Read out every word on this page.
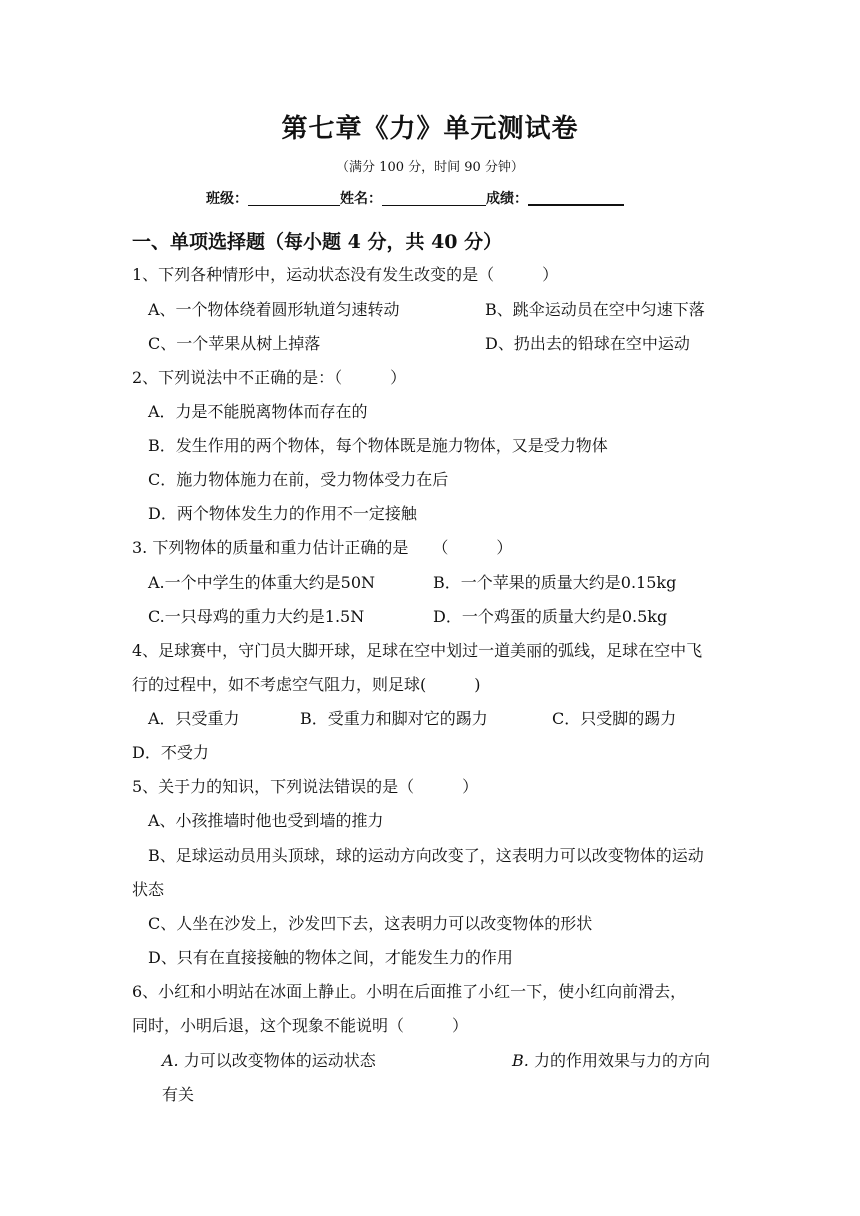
第七章《力》单元测试卷
（满分 100 分，时间 90 分钟）
班级：	姓名：	成绩：
一、单项选择题（每小题 4 分，共 40 分）
1、下列各种情形中，运动状态没有发生改变的是（　　　）
A、一个物体绕着圆形轨道匀速转动	B、跳伞运动员在空中匀速下落
C、一个苹果从树上掉落	D、扔出去的铅球在空中运动
2、下列说法中不正确的是：（　　　）
A．力是不能脱离物体而存在的
B．发生作用的两个物体，每个物体既是施力物体，又是受力物体
C．施力物体施力在前，受力物体受力在后
D．两个物体发生力的作用不一定接触
3. 下列物体的质量和重力估计正确的是　　（　　　）
A.一个中学生的体重大约是50N	B．一个苹果的质量大约是0.15kg
C.一只母鸡的重力大约是1.5N	D．一个鸡蛋的质量大约是0.5kg
4、足球赛中，守门员大脚开球，足球在空中划过一道美丽的弧线，足球在空中飞
行的过程中，如不考虑空气阻力，则足球(　　　)
A．只受重力	B．受重力和脚对它的踢力	C．只受脚的踢力
D．不受力
5、关于力的知识，下列说法错误的是（　　　）
A、小孩推墙时他也受到墙的推力
B、足球运动员用头顶球，球的运动方向改变了，这表明力可以改变物体的运动
状态
C、人坐在沙发上，沙发凹下去，这表明力可以改变物体的形状
D、只有在直接接触的物体之间，才能发生力的作用
6、小红和小明站在冰面上静止。小明在后面推了小红一下，使小红向前滑去，
同时，小明后退，这个现象不能说明（　　　）
A. 力可以改变物体的运动状态	B. 力的作用效果与力的方向
有关
